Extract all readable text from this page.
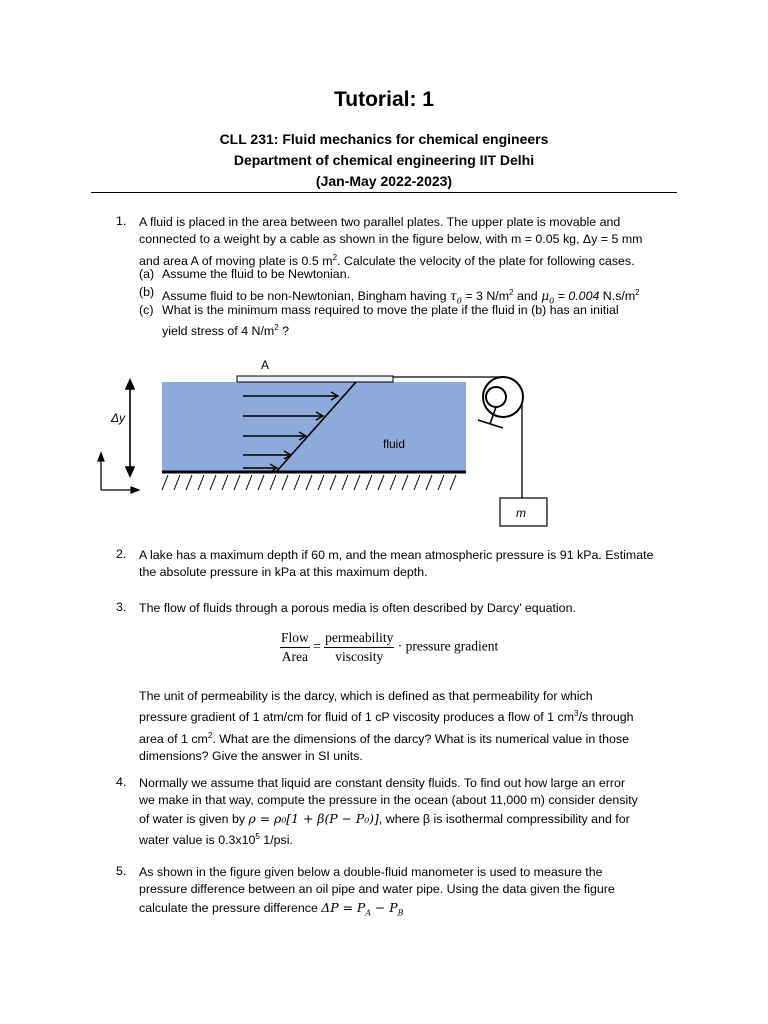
Tutorial: 1
CLL 231: Fluid mechanics for chemical engineers
Department of chemical engineering IIT Delhi
(Jan-May 2022-2023)
1. A fluid is placed in the area between two parallel plates. The upper plate is movable and
connected to a weight by a cable as shown in the figure below, with m = 0.05 kg, Δy = 5 mm
and area A of moving plate is 0.5 $m^2$. Calculate the velocity of the plate for following cases.
(a) Assume the fluid to be Newtonian.
(b) Assume fluid to be non-Newtonian, Bingham having $\tau_0 = 3$ $N/m^2$ and $\mu_0 = 0.004$ $N.s/m^2$
(c) What is the minimum mass required to move the plate if the fluid in (b) has an initial
yield stress of 4 $N/m^2$ ?
A
fluid
Δy
m
2. A lake has a maximum depth if 60 m, and the mean atmospheric pressure is 91 kPa. Estimate
the absolute pressure in kPa at this maximum depth.
3. The flow of fluids through a porous media is often described by Darcy’ equation.
$\frac{\text{Flow}}{\text{Area}} = \frac{\text{permeability}}{\text{viscosity}}$ · pressure gradient
The unit of permeability is the darcy, which is defined as that permeability for which
pressure gradient of 1 atm/cm for fluid of 1 cP viscosity produces a flow of 1 $cm^3/s$ through
area of 1 $cm^2$. What are the dimensions of the darcy? What is its numerical value in those
dimensions? Give the answer in SI units.
4. Normally we assume that liquid are constant density fluids. To find out how large an error
we make in that way, compute the pressure in the ocean (about 11,000 m) consider density
of water is given by ρ = ρ₀[1 + β(P − P₀)], where β is isothermal compressibility and for
water value is $0.3x10^5$ 1/psi.
5. As shown in the figure given below a double-fluid manometer is used to measure the
pressure difference between an oil pipe and water pipe. Using the data given the figure
calculate the pressure difference $\Delta P = P_A - P_B$
